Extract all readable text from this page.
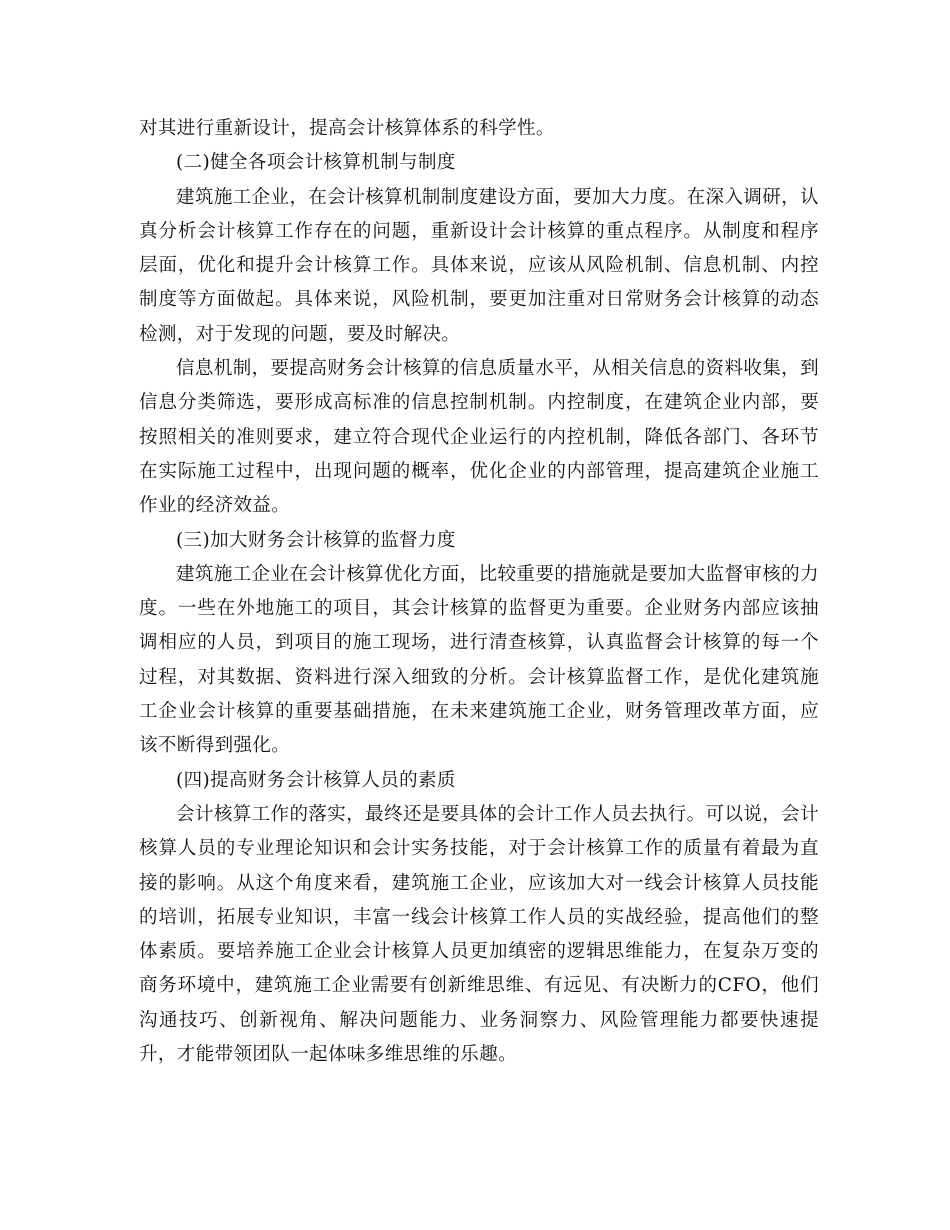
对其进行重新设计，提高会计核算体系的科学性。

(二)健全各项会计核算机制与制度

建筑施工企业，在会计核算机制制度建设方面，要加大力度。在深入调研，认真分析会计核算工作存在的问题，重新设计会计核算的重点程序。从制度和程序层面，优化和提升会计核算工作。具体来说，应该从风险机制、信息机制、内控制度等方面做起。具体来说，风险机制，要更加注重对日常财务会计核算的动态检测，对于发现的问题，要及时解决。

信息机制，要提高财务会计核算的信息质量水平，从相关信息的资料收集，到信息分类筛选，要形成高标准的信息控制机制。内控制度，在建筑企业内部，要按照相关的准则要求，建立符合现代企业运行的内控机制，降低各部门、各环节在实际施工过程中，出现问题的概率，优化企业的内部管理，提高建筑企业施工作业的经济效益。

(三)加大财务会计核算的监督力度

建筑施工企业在会计核算优化方面，比较重要的措施就是要加大监督审核的力度。一些在外地施工的项目，其会计核算的监督更为重要。企业财务内部应该抽调相应的人员，到项目的施工现场，进行清查核算，认真监督会计核算的每一个过程，对其数据、资料进行深入细致的分析。会计核算监督工作，是优化建筑施工企业会计核算的重要基础措施，在未来建筑施工企业，财务管理改革方面，应该不断得到强化。

(四)提高财务会计核算人员的素质

会计核算工作的落实，最终还是要具体的会计工作人员去执行。可以说，会计核算人员的专业理论知识和会计实务技能，对于会计核算工作的质量有着最为直接的影响。从这个角度来看，建筑施工企业，应该加大对一线会计核算人员技能的培训，拓展专业知识，丰富一线会计核算工作人员的实战经验，提高他们的整体素质。要培养施工企业会计核算人员更加缜密的逻辑思维能力，在复杂万变的商务环境中，建筑施工企业需要有创新维思维、有远见、有决断力的CFO，他们沟通技巧、创新视角、解决问题能力、业务洞察力、风险管理能力都要快速提升，才能带领团队一起体味多维思维的乐趣。
